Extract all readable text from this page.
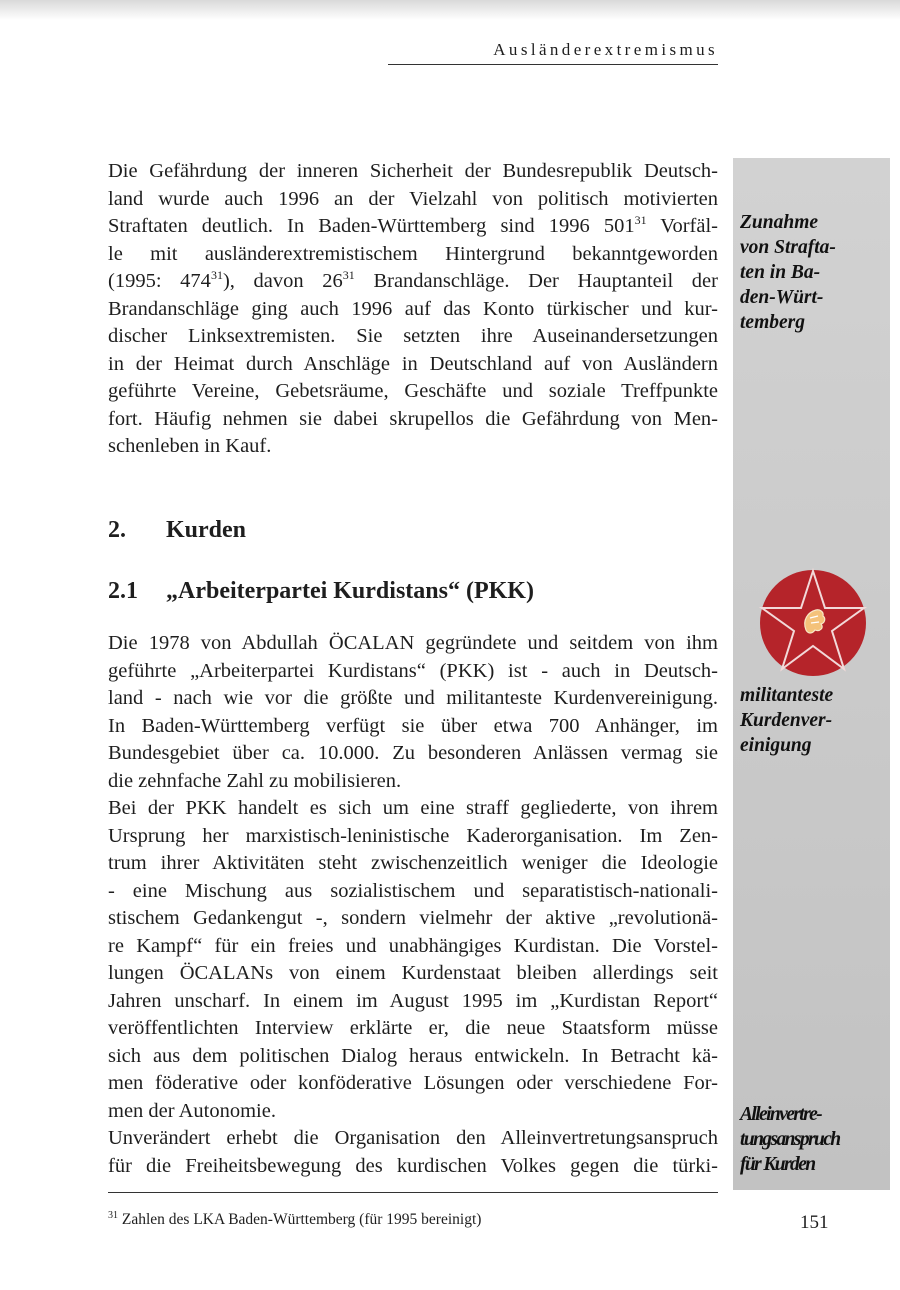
Ausländerextremismus

Die Gefährdung der inneren Sicherheit der Bundesrepublik Deutsch-
land wurde auch 1996 an der Vielzahl von politisch motivierten
Straftaten deutlich. In Baden-Württemberg sind 1996 501$^{31}$ Vorfäl-
le mit ausländerextremistischem Hintergrund bekanntgeworden
(1995: 474$^{31}$), davon 26$^{31}$ Brandanschläge. Der Hauptanteil der
Brandanschläge ging auch 1996 auf das Konto türkischer und kur-
discher Linksextremisten. Sie setzten ihre Auseinandersetzungen
in der Heimat durch Anschläge in Deutschland auf von Ausländern
geführte Vereine, Gebetsräume, Geschäfte und soziale Treffpunkte
fort. Häufig nehmen sie dabei skrupellos die Gefährdung von Men-
schenleben in Kauf.

Zunahme
von Strafta-
ten in Ba-
den-Würt-
temberg
2. Kurden
2.1 „Arbeiterpartei Kurdistans“ (PKK)
militanteste
Kurdenver-
einigung

Die 1978 von Abdullah ÖCALAN gegründete und seitdem von ihm
geführte „Arbeiterpartei Kurdistans“ (PKK) ist - auch in Deutsch-
land - nach wie vor die größte und militanteste Kurdenvereinigung.
In Baden-Württemberg verfügt sie über etwa 700 Anhänger, im
Bundesgebiet über ca. 10.000. Zu besonderen Anlässen vermag sie
die zehnfache Zahl zu mobilisieren.

Bei der PKK handelt es sich um eine straff gegliederte, von ihrem
Ursprung her marxistisch-leninistische Kaderorganisation. Im Zen-
trum ihrer Aktivitäten steht zwischenzeitlich weniger die Ideologie
- eine Mischung aus sozialistischem und separatistisch-nationali-
stischem Gedankengut -, sondern vielmehr der aktive „revolutionä-
re Kampf“ für ein freies und unabhängiges Kurdistan. Die Vorstel-
lungen ÖCALANs von einem Kurdenstaat bleiben allerdings seit
Jahren unscharf. In einem im August 1995 im „Kurdistan Report“
veröffentlichten Interview erklärte er, die neue Staatsform müsse
sich aus dem politischen Dialog heraus entwickeln. In Betracht kä-
men föderative oder konföderative Lösungen oder verschiedene For-
men der Autonomie.

Unverändert erhebt die Organisation den Alleinvertretungsanspruch
für die Freiheitsbewegung des kurdischen Volkes gegen die türki-

Alleinvertre-
tungsanspruch
für Kurden
$^{31}$ Zahlen des LKA Baden-Württemberg (für 1995 bereinigt)	151
